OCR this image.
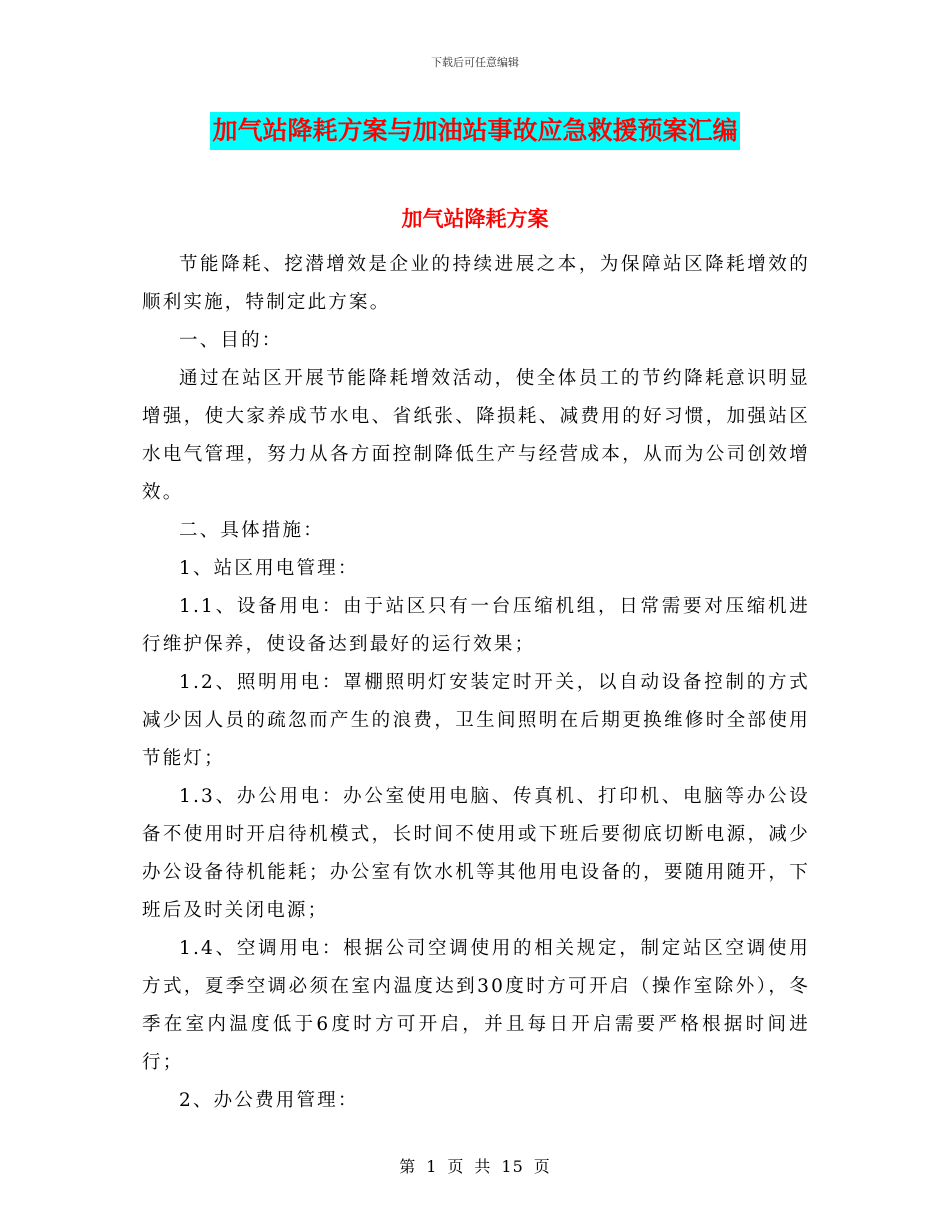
下载后可任意编辑
加气站降耗方案与加油站事故应急救援预案汇编
加气站降耗方案

节能降耗、挖潜增效是企业的持续进展之本，为保障站区降耗增效的顺利实施，特制定此方案。

一、目的：

通过在站区开展节能降耗增效活动，使全体员工的节约降耗意识明显增强，使大家养成节水电、省纸张、降损耗、减费用的好习惯，加强站区水电气管理，努力从各方面控制降低生产与经营成本，从而为公司创效增效。

二、具体措施：

1、站区用电管理：

1.1、设备用电：由于站区只有一台压缩机组，日常需要对压缩机进行维护保养，使设备达到最好的运行效果；

1.2、照明用电：罩棚照明灯安装定时开关，以自动设备控制的方式减少因人员的疏忽而产生的浪费，卫生间照明在后期更换维修时全部使用节能灯；

1.3、办公用电：办公室使用电脑、传真机、打印机、电脑等办公设备不使用时开启待机模式，长时间不使用或下班后要彻底切断电源，减少办公设备待机能耗；办公室有饮水机等其他用电设备的，要随用随开，下班后及时关闭电源；

1.4、空调用电：根据公司空调使用的相关规定，制定站区空调使用方式，夏季空调必须在室内温度达到30度时方可开启（操作室除外），冬季在室内温度低于6度时方可开启，并且每日开启需要严格根据时间进行；

2、办公费用管理：

第 1 页 共 15 页
